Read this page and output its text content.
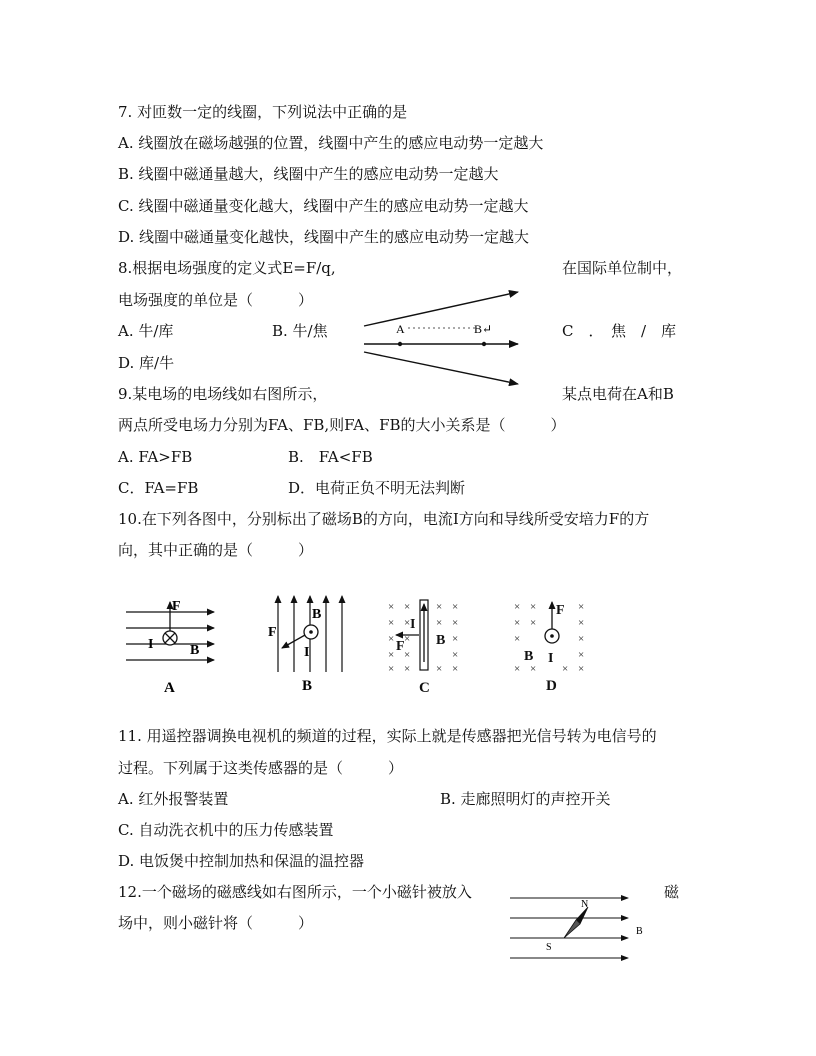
7. 对匝数一定的线圈，下列说法中正确的是
A. 线圈放在磁场越强的位置，线圈中产生的感应电动势一定越大
B. 线圈中磁通量越大，线圈中产生的感应电动势一定越大
C. 线圈中磁通量变化越大，线圈中产生的感应电动势一定越大
D. 线圈中磁通量变化越快，线圈中产生的感应电动势一定越大
8.根据电场强度的定义式E=F/q,	在国际单位制中，
电场强度的单位是（　　　）
A. 牛/库	B. 牛/焦	C　．　焦　/　库
D. 库/牛
A	B↵
9.某电场的电场线如右图所示，	某点电荷在A和B
两点所受电场力分别为FA、FB,则FA、FB的大小关系是（　　　）
A. FA>FB	B.　FA<FB
C．FA=FB	D．电荷正负不明无法判断
10.在下列各图中，分别标出了磁场B的方向，电流I方向和导线所受安培力F的方
向，其中正确的是（　　　）
F
I	B
A
F
B
I
B
× × × ×
× × × ×
× ×	×
× ×	×
× × × ×
I
F B
C
× ×	×
× ×	×
×	×
×
× × × ×
F
B I
D
11. 用遥控器调换电视机的频道的过程，实际上就是传感器把光信号转为电信号的
过程。下列属于这类传感器的是（　　　）
A. 红外报警装置	B. 走廊照明灯的声控开关
C. 自动洗衣机中的压力传感装置
D. 电饭煲中控制加热和保温的温控器
12.一个磁场的磁感线如右图所示，一个小磁针被放入	磁
场中，则小磁针将（　　　）
N
S
B
